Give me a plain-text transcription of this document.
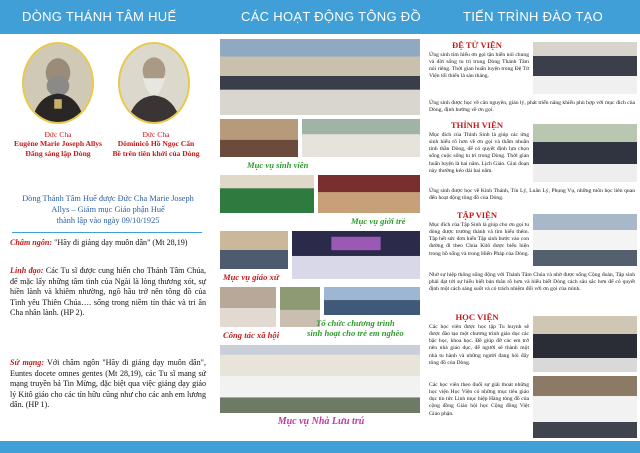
DÒNG THÁNH TÂM HUẾ	CÁC HOẠT ĐỘNG TÔNG ĐỒ	TIẾN TRÌNH ĐÀO TẠO
Đức Cha
Eugène Marie Joseph Allys
Đấng sáng lập Dòng
Đức Cha
Dôminicô Hồ Ngọc Cẩn
Bề trên tiên khởi của Dòng
Dòng Thánh Tâm Huế được Đức Cha Marie Joseph
Allys – Giám mục Giáo phận Huế
thành lập vào ngày 09/10/1925
Châm ngôn: "Hãy đi giảng dạy muôn dân" (Mt 28,19)
Linh đạo: Các Tu sĩ được cung hiến cho Thánh Tâm Chúa, để mặc lấy những tâm tình của Ngài là lòng thương xót, sự hiền lành và khiêm nhường, ngõ hầu trở nên tông đồ của Tình yêu Thiên Chúa…. sống trong niềm tín thác và tri ân Cha nhân lành. (HP 2).
Sứ mạng: Với châm ngôn "Hãy đi giảng dạy muôn dân", Euntes docete omnes gentes (Mt 28,19), các Tu sĩ mang sứ mạng truyền bá Tin Mừng, đặc biệt qua việc giảng dạy giáo lý Kitô giáo cho các tín hữu cũng như cho các anh em lương dân. (HP 1).
Mục vụ sinh viên
Mục vụ giới trẻ
Mục vụ giáo xứ
Công tác xã hội
Tổ chức chương trình
sinh hoạt cho trẻ em nghèo
Mục vụ Nhà Lưu trú
ĐỆ TỬ VIỆN
Ứng sinh tìm hiểu ơn gọi tận hiến nói chung và đời sống tu trì trong Dòng Thánh Tâm nói riêng. Thời gian huấn luyện trong Đệ Tử Viện tối thiểu là sáu tháng.
Ứng sinh được học về căn nguyên, giáo lý, phát triển năng khiếu phù hợp với mục đích của Dòng, định hướng về ơn gọi.
THỈNH VIỆN
Mục đích của Thỉnh Sinh là giúp các ứng sinh hiểu rõ hơn về ơn gọi và thẩm nhuần tinh thần Dòng, để có quyết định lựa chọn sống cuộc sống tu trì trong Dòng. Thời gian huấn luyện là hai năm. Lịch Giáo. Giai đoạn này thường kéo dài hai năm.
Ứng sinh được học về Kinh Thánh, Tín Lý, Luân Lý, Phụng Vụ, những môn học liên quan đến hoạt động tông đồ của Dòng.
TẬP VIỆN
Mục đích của Tập Sinh là giúp cho ơn gọi tu dòng được trưởng thành và tìm hiểu thêm. Tập hết sức đơn hiến Tập sinh bước vào con đường đi theo Chúa Kitô được biểu hiện trong hồ sống và trong Hiến Pháp của Dòng.
Nhờ sự hiệp thông sống động với Thánh Tâm Chúa và nhờ được sống Cộng đoàn, Tập sinh phải đạt tới sự hiểu biết bản thân rõ hơn và hiểu biết Dòng cách sâu sắc hơn để có quyết định một cách sáng suốt và có trách nhiệm đối với ơn gọi của mình.
HỌC VIỆN
Các học viên được học tập Tu huynh sẽ được đào tạo một chương trình giáo dục các bậc học, khoa học. Đề giúp đỡ các em trở nên nhà giáo dục, để người sẽ thành một nhà tu hành và những người đang hỏi đây tông đồ của Dòng.
Các học viên theo đuổi sự giải thoát những học viện Học Viện có những mục tiêu giáo dục tin tức Linh mục hiệp Hàng tông đồ của cộng đồng Giáo hội học Cộng đồng Việt Giáo phận.
